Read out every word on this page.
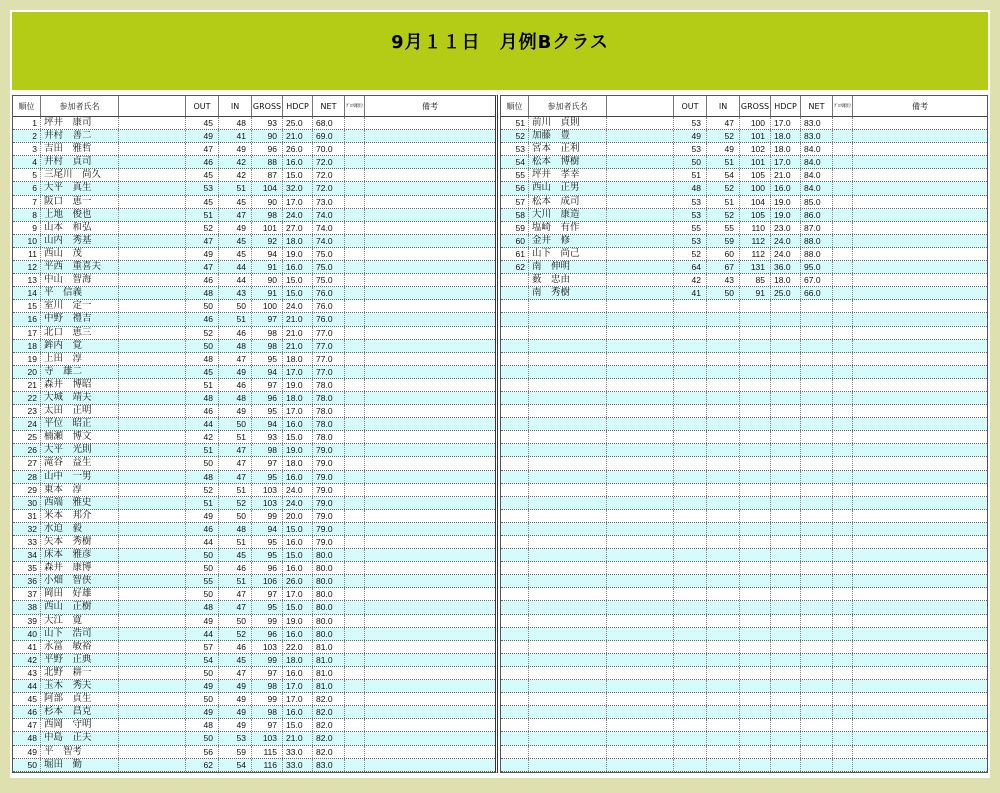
9月１１日　月例Bクラス
順位	参加者氏名	OUT	IN	GROSS HDCP	NET	ｸﾞﾛｽ順位	備考
1 坪井　康司	45	48	93	25.0	68.0
2 井村　善二	49	41	90	21.0	69.0
3 吉田　雅哲	47	49	96	26.0	70.0
4 井村　貞司	46	42	88	16.0	72.0
5 三尾川　尚久	45	42	87	15.0	72.0
6 大平　真生	53	51	104	32.0	72.0
7 阪口　恵一	45	45	90	17.0	73.0
8 上地　俊也	51	47	98	24.0	74.0
9 山本　和弘	52	49	101	27.0	74.0
10 山内　秀基	47	45	92	18.0	74.0
11 西山　茂	49	45	94	19.0	75.0
12 平西　重喜夫	47	44	91	16.0	75.0
13 中山　智海	46	44	90	15.0	75.0
14 平　信義	48	43	91	15.0	76.0
15 室川　定一	50	50	100	24.0	76.0
16 中野　禮吉	46	51	97	21.0	76.0
17 北口　恵三	52	46	98	21.0	77.0
18 鉾内　覚	50	48	98	21.0	77.0
19 上田　淳	48	47	95	18.0	77.0
20 寺　雄二	45	49	94	17.0	77.0
21 森井　博昭	51	46	97	19.0	78.0
22 大城　靖夫	48	48	96	18.0	78.0
23 太田　正明	46	49	95	17.0	78.0
24 平位　昭正	44	50	94	16.0	78.0
25 楠瀬　博文	42	51	93	15.0	78.0
26 大平　光則	51	47	98	19.0	79.0
27 滝谷　益生	50	47	97	18.0	79.0
28 山中　一男	48	47	95	16.0	79.0
29 東本　淳	52	51	103	24.0	79.0
30 西端　雅史	51	52	103	24.0	79.0
31 米本　邦介	49	50	99	20.0	79.0
32 水迫　毅	46	48	94	15.0	79.0
33 矢本　秀樹	44	51	95	16.0	79.0
34 床本　雅彦	50	45	95	15.0	80.0
35 森井　康博	50	46	96	16.0	80.0
36 小畑　智侠	55	51	106	26.0	80.0
37 岡田　好雄	50	47	97	17.0	80.0
38 西山　正樹	48	47	95	15.0	80.0
39 大江　寛	49	50	99	19.0	80.0
40 山下　浩司	44	52	96	16.0	80.0
41 永冨　敏裕	57	46	103	22.0	81.0
42 平野　正典	54	45	99	18.0	81.0
43 北野　耕一	50	47	97	16.0	81.0
44 玉木　秀夫	49	49	98	17.0	81.0
45 阿部　貞生	50	49	99	17.0	82.0
46 杉本　昌克	49	49	98	16.0	82.0
47 西岡　守明	48	49	97	15.0	82.0
48 中島　正夫	50	53	103	21.0	82.0
49 平　智考	56	59	115	33.0	82.0
50 堀田　勤	62	54	116	33.0	83.0
順位	参加者氏名	OUT	IN	GROSS HDCP	NET	ｸﾞﾛｽ順位	備考
51 前川　貞則	53	47	100	17.0	83.0
52 加藤　豊	49	52	101	18.0	83.0
53 宮本　正利	53	49	102	18.0	84.0
54 松本　博樹	50	51	101	17.0	84.0
55 坪井　孝幸	51	54	105	21.0	84.0
56 西山　正男	48	52	100	16.0	84.0
57 松本　成司	53	51	104	19.0	85.0
58 大川　康造	53	52	105	19.0	86.0
59 塩崎　有作	55	55	110	23.0	87.0
60 金井　修	53	59	112	24.0	88.0
61 山下　尚己	52	60	112	24.0	88.0
62 南　伸明	64	67	131	36.0	95.0
薮　忠由	42	43	85	18.0	67.0
南　秀樹	41	50	91	25.0	66.0
